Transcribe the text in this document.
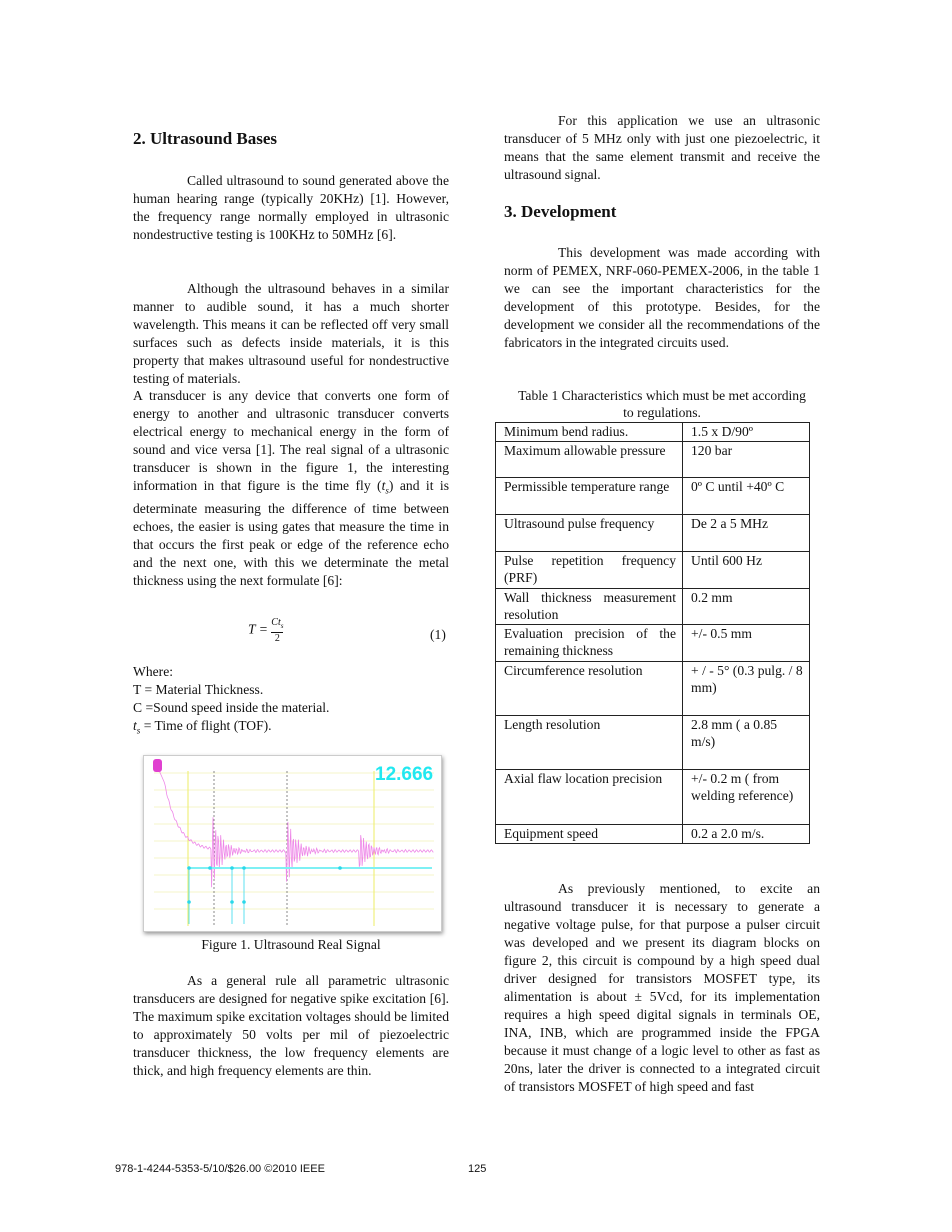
2. Ultrasound Bases
Called ultrasound to sound generated above the human hearing range (typically 20KHz) [1]. However, the frequency range normally employed in ultrasonic nondestructive testing is 100KHz to 50MHz [6].
Although the ultrasound behaves in a similar manner to audible sound, it has a much shorter wavelength. This means it can be reflected off very small surfaces such as defects inside materials, it is this property that makes ultrasound useful for nondestructive testing of materials.
A transducer is any device that converts one form of energy to another and ultrasonic transducer converts electrical energy to mechanical energy in the form of sound and vice versa [1]. The real signal of a ultrasonic transducer is shown in the figure 1, the interesting information in that figure is the time fly $(t_s)$ and it is determinate measuring the difference of time between echoes, the easier is using gates that measure the time in that occurs the first peak or edge of the reference echo and the next one, with this we determinate the metal thickness using the next formulate [6]:
$T = Ct_s$
2	(1)
Where:
T = Material Thickness.
C =Sound speed inside the material.
$t_s$ = Time of flight (TOF).
12.666
Figure 1. Ultrasound Real Signal
As a general rule all parametric ultrasonic transducers are designed for negative spike excitation [6]. The maximum spike excitation voltages should be limited to approximately 50 volts per mil of piezoelectric transducer thickness, the low frequency elements are thick, and high frequency elements are thin.
For this application we use an ultrasonic transducer of 5 MHz only with just one piezoelectric, it means that the same element transmit and receive the ultrasound signal.
3. Development
This development was made according with norm of PEMEX, NRF-060-PEMEX-2006, in the table 1 we can see the important characteristics for the development of this prototype. Besides, for the development we consider all the recommendations of the fabricators in the integrated circuits used.
Table 1 Characteristics which must be met according to regulations.
Minimum bend radius.	1.5 x D/90º
Maximum allowable pressure	120 bar
Permissible temperature range	0º C until +40º C
Ultrasound pulse frequency	De 2 a 5 MHz
Pulse repetition frequency (PRF)	Until 600 Hz
Wall thickness measurement resolution	0.2 mm
Evaluation precision of the remaining thickness	+/- 0.5 mm
Circumference resolution	+ / - 5° (0.3 pulg. / 8 mm)
Length resolution	2.8 mm ( a 0.85 m/s)
Axial flaw location precision	+/- 0.2 m ( from welding reference)
Equipment speed	0.2 a 2.0 m/s.
As previously mentioned, to excite an ultrasound transducer it is necessary to generate a negative voltage pulse, for that purpose a pulser circuit was developed and we present its diagram blocks on figure 2, this circuit is compound by a high speed dual driver designed for transistors MOSFET type, its alimentation is about ± 5Vcd, for its implementation requires a high speed digital signals in terminals OE, INA, INB, which are programmed inside the FPGA because it must change of a logic level to other as fast as 20ns, later the driver is connected to a integrated circuit of transistors MOSFET of high speed and fast
978-1-4244-5353-5/10/$26.00 ©2010 IEEE	125
